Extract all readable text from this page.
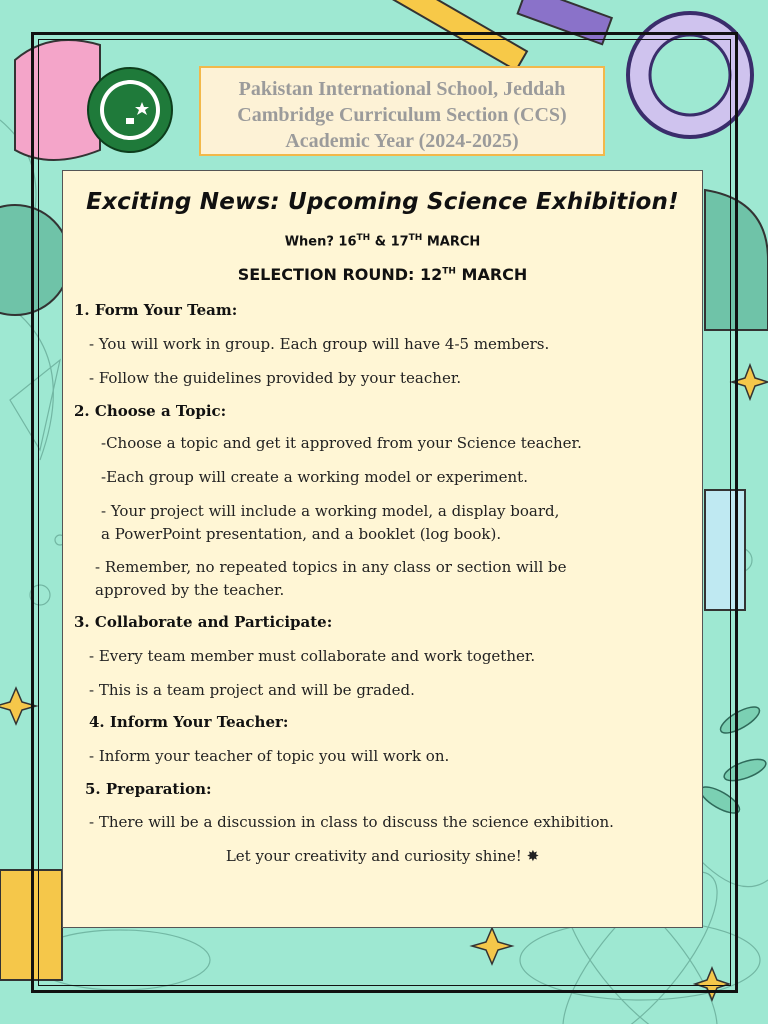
Pakistan International School, Jeddah
Cambridge Curriculum Section (CCS)
Academic Year (2024-2025)
Exciting News: Upcoming Science Exhibition!
When? 16TH & 17TH MARCH
SELECTION ROUND: 12TH MARCH
1. Form Your Team:
- You will work in group. Each group will have 4-5 members.
- Follow the guidelines provided by your teacher.
2. Choose a Topic:
-Choose a topic and get it approved from your Science teacher.
-Each group will create a working model or experiment.
- Your project will include a working model, a display board,
a PowerPoint presentation, and a booklet (log book).
- Remember, no repeated topics in any class or section will be
approved by the teacher.
3. Collaborate and Participate:
- Every team member must collaborate and work together.
- This is a team project and will be graded.
4. Inform Your Teacher:
- Inform your teacher of topic you will work on.
5. Preparation:
- There will be a discussion in class to discuss the science exhibition.
Let your creativity and curiosity shine! ✸
